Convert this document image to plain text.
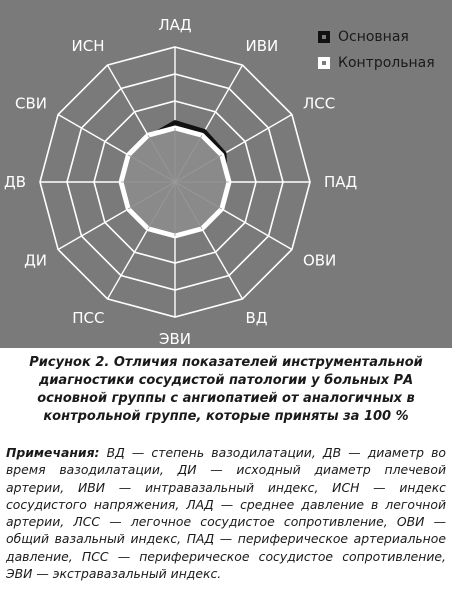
ЛАД
ИВИ
ЛСС
ПАД
ОВИ
ВД
ЭВИ
ПСС
ДИ
ДВ
СВИ
ИСН
Основная
Контрольная
Рисунок 2. Отличия показателей инструментальной диагностики сосудистой патологии у больных РА основной группы с ангиопатией от аналогичных в контрольной группе, которые приняты за 100 %
Примечания: ВД — степень вазодилатации, ДВ — диаметр во время вазодилатации, ДИ — исходный диаметр плечевой артерии, ИВИ — интравазальный индекс, ИСН — индекс сосудистого напряжения, ЛАД — среднее давление в легочной артерии, ЛСС — легочное сосудистое сопротивление, ОВИ — общий вазальный индекс, ПАД — периферическое артериальное давление, ПСС — периферическое сосудистое сопротивление, ЭВИ — экстравазальный индекс.
